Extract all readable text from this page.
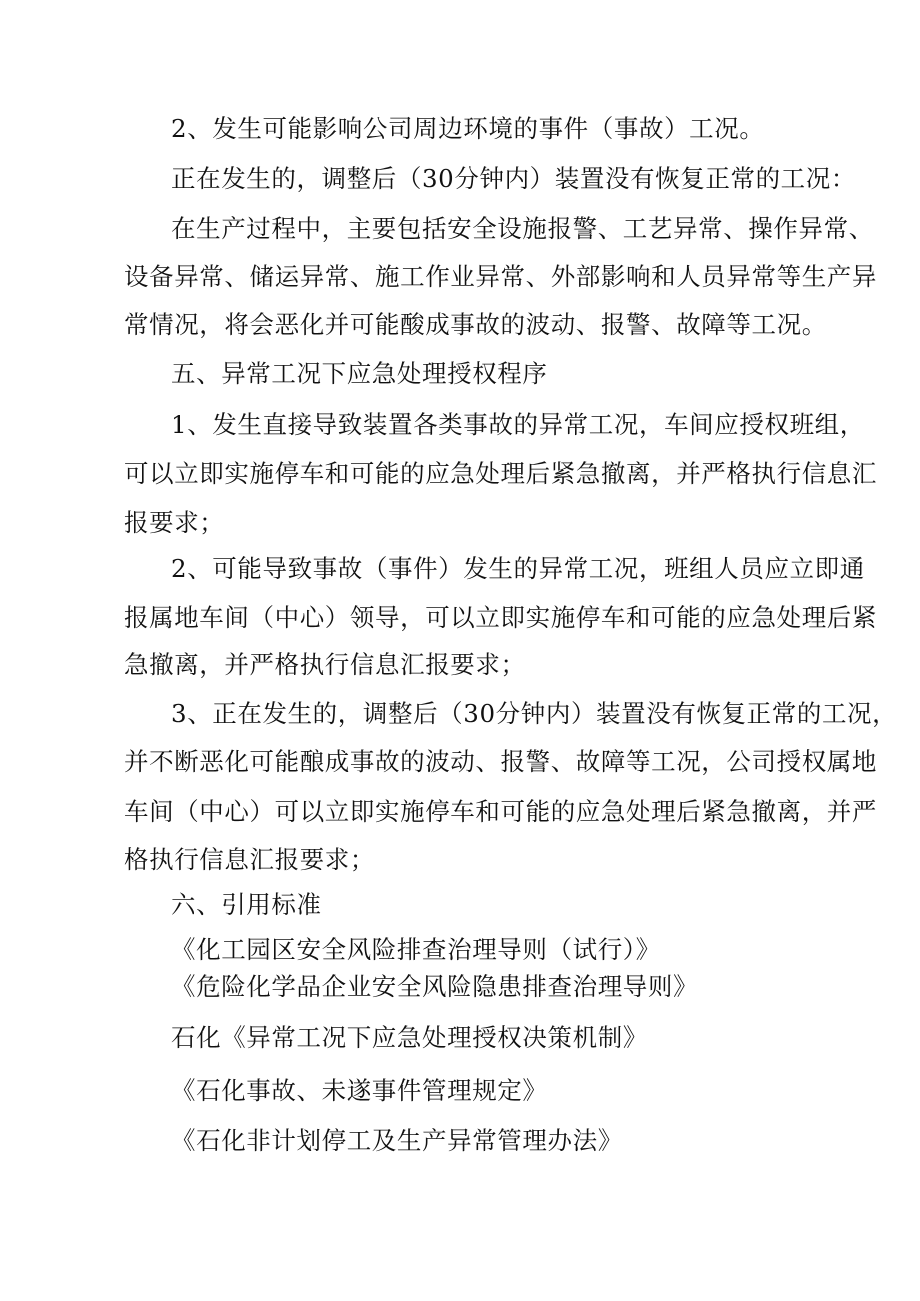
2、发生可能影响公司周边环境的事件（事故）工况。
正在发生的，调整后（30分钟内）装置没有恢复正常的工况：
在生产过程中，主要包括安全设施报警、工艺异常、操作异常、
设备异常、储运异常、施工作业异常、外部影响和人员异常等生产异
常情况，将会恶化并可能酸成事故的波动、报警、故障等工况。
五、异常工况下应急处理授权程序
1、发生直接导致装置各类事故的异常工况，车间应授权班组，
可以立即实施停车和可能的应急处理后紧急撤离，并严格执行信息汇
报要求；
2、可能导致事故（事件）发生的异常工况，班组人员应立即通
报属地车间（中心）领导，可以立即实施停车和可能的应急处理后紧
急撤离，并严格执行信息汇报要求；
3、正在发生的，调整后（30分钟内）装置没有恢复正常的工况，
并不断恶化可能酿成事故的波动、报警、故障等工况，公司授权属地
车间（中心）可以立即实施停车和可能的应急处理后紧急撤离，并严
格执行信息汇报要求；
六、引用标准
《化工园区安全风险排查治理导则（试行）》
《危险化学品企业安全风险隐患排查治理导则》
石化《异常工况下应急处理授权决策机制》
《石化事故、未遂事件管理规定》
《石化非计划停工及生产异常管理办法》
